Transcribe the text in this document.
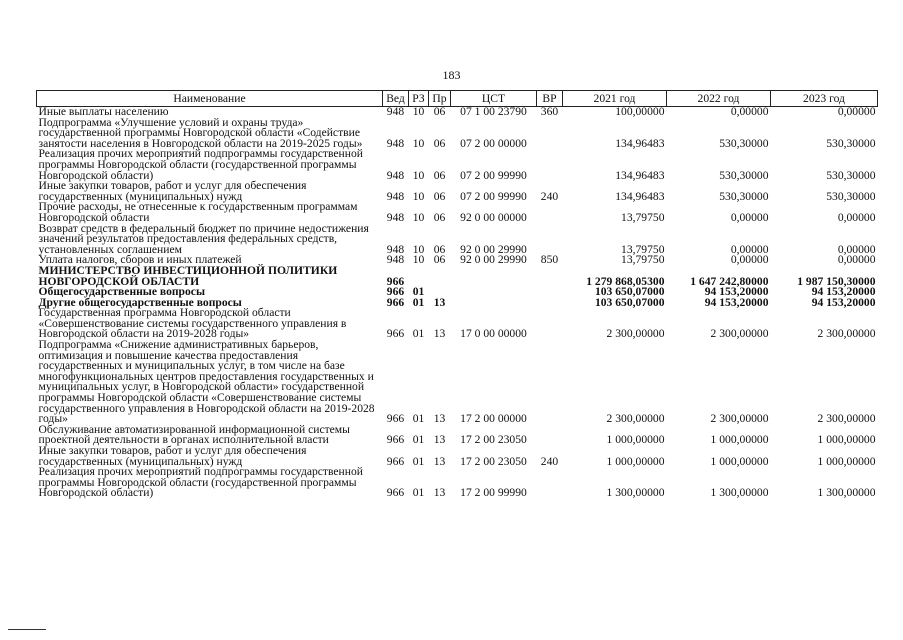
183
Наименование	Вед	РЗ	Пр	ЦСТ	ВР	2021 год	2022 год	2023 год
Иные выплаты населению	948	10	06	07 1 00 23790	360	100,00000	0,00000	0,00000
Подпрограмма «Улучшение условий и охраны труда» государственной программы Новгородской области «Содействие занятости населения в Новгородской области на 2019-2025 годы»	948	10	06	07 2 00 00000		134,96483	530,30000	530,30000
Реализация прочих мероприятий подпрограммы государственной программы Новгородской области (государственной программы Новгородской области)	948	10	06	07 2 00 99990		134,96483	530,30000	530,30000
Иные закупки товаров, работ и услуг для обеспечения государственных (муниципальных) нужд	948	10	06	07 2 00 99990	240	134,96483	530,30000	530,30000
Прочие расходы, не отнесенные к государственным программам Новгородской области	948	10	06	92 0 00 00000		13,79750	0,00000	0,00000
Возврат средств в федеральный бюджет по причине недостижения значений результатов предоставления федеральных средств, установленных соглашением	948	10	06	92 0 00 29990		13,79750	0,00000	0,00000
Уплата налогов, сборов и иных платежей	948	10	06	92 0 00 29990	850	13,79750	0,00000	0,00000
МИНИСТЕРСТВО ИНВЕСТИЦИОННОЙ ПОЛИТИКИ НОВГОРОДСКОЙ ОБЛАСТИ	966					1 279 868,05300	1 647 242,80000	1 987 150,30000
Общегосударственные вопросы	966	01				103 650,07000	94 153,20000	94 153,20000
Другие общегосударственные вопросы	966	01	13			103 650,07000	94 153,20000	94 153,20000
Государственная программа Новгородской области «Совершенствование системы государственного управления в Новгородской области на 2019-2028 годы»	966	01	13	17 0 00 00000		2 300,00000	2 300,00000	2 300,00000
Подпрограмма «Снижение административных барьеров, оптимизация и повышение качества предоставления государственных и муниципальных услуг, в том числе на базе многофункциональных центров предоставления государственных и муниципальных услуг, в Новгородской области» государственной программы Новгородской области «Совершенствование системы государственного управления в Новгородской области на 2019-2028 годы»	966	01	13	17 2 00 00000		2 300,00000	2 300,00000	2 300,00000
Обслуживание автоматизированной информационной системы проектной деятельности в органах исполнительной власти	966	01	13	17 2 00 23050		1 000,00000	1 000,00000	1 000,00000
Иные закупки товаров, работ и услуг для обеспечения государственных (муниципальных) нужд	966	01	13	17 2 00 23050	240	1 000,00000	1 000,00000	1 000,00000
Реализация прочих мероприятий подпрограммы государственной программы Новгородской области (государственной программы Новгородской области)	966	01	13	17 2 00 99990		1 300,00000	1 300,00000	1 300,00000
